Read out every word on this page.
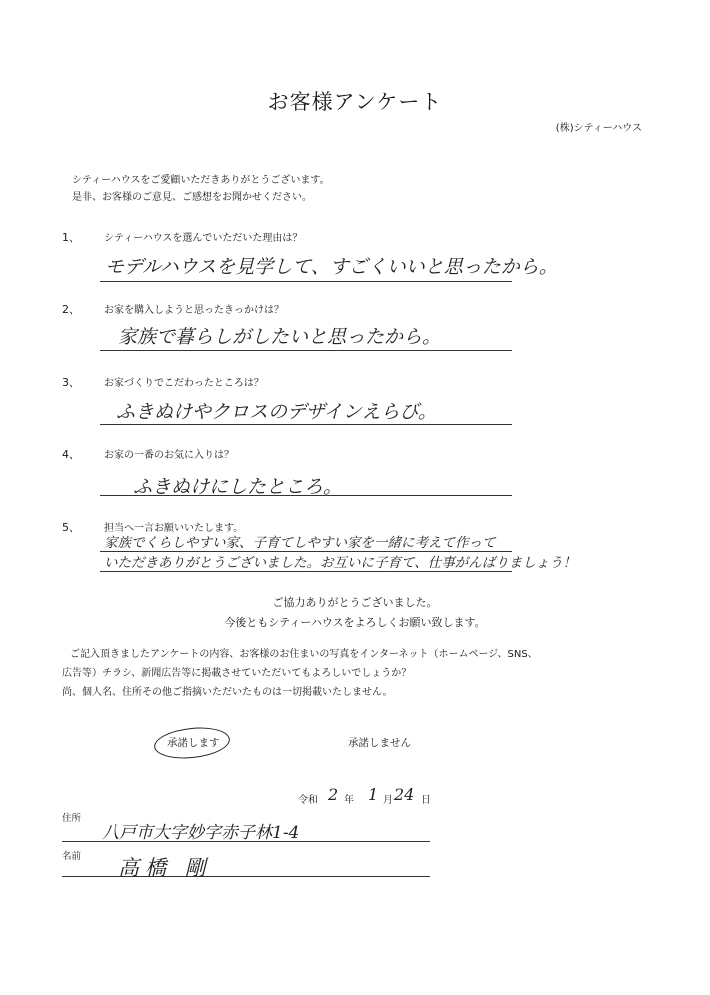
お客様アンケート
(株)シティーハウス
シティーハウスをご愛顧いただきありがとうございます。
是非、お客様のご意見、ご感想をお聞かせください。
1、 シティーハウスを選んでいただいた理由は？
モデルハウスを見学して、すごくいいと思ったから。
2、 お家を購入しようと思ったきっかけは？
家族で暮らしがしたいと思ったから。
3、 お家づくりでこだわったところは？
ふきぬけやクロスのデザインえらび。
4、 お家の一番のお気に入りは？
ふきぬけにしたところ。
5、 担当へ一言お願いいたします。
家族でくらしやすい家、子育てしやすい家を一緒に考えて作って
いただきありがとうございました。お互いに子育て、仕事がんばりましょう！
ご協力ありがとうございました。
今後ともシティーハウスをよろしくお願い致します。
ご記入頂きましたアンケートの内容、お客様のお住まいの写真をインターネット（ホームページ、SNS、
広告等）チラシ、新聞広告等に掲載させていただいてもよろしいでしょうか？
尚、個人名、住所その他ご指摘いただいたものは一切掲載いたしません。
承諾します	承諾しません
令和 2 年 1 月 24 日
住所
八戸市大字妙字赤子林1-4
名前 高橋 剛
